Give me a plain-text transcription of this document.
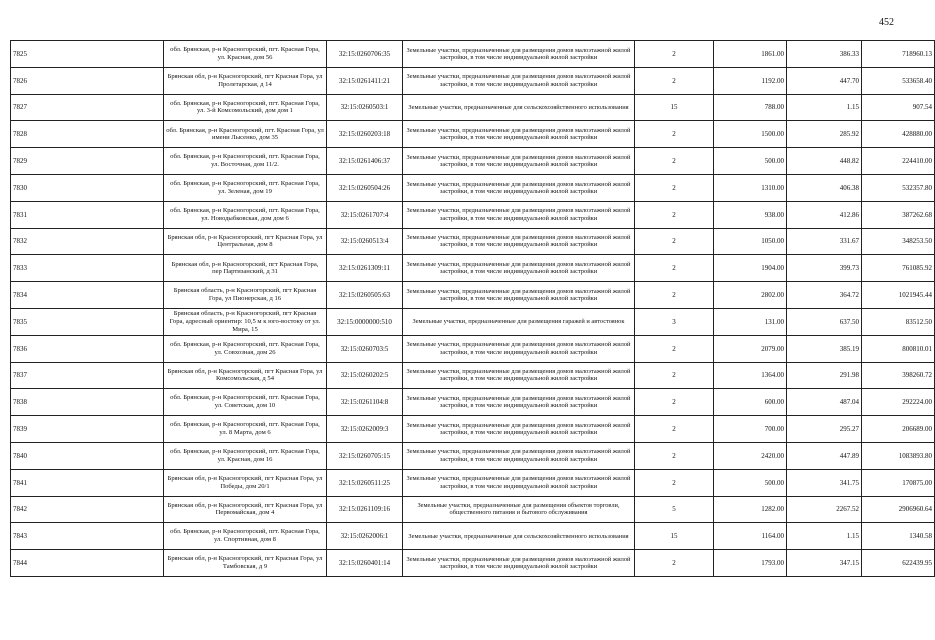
452
7825	обл. Брянская, р-н Красногорский, пгт. Красная Гора, ул. Красная, дом 56	32:15:0260706:35	Земельные участки, предназначенные для размещения домов малоэтажной жилой застройки, в том числе индивидуальной жилой застройки	2	1861.00	386.33	718960.13
7826	Брянская обл, р-н Красногорский, пгт Красная Гора, ул Пролетарская, д 14	32:15:0261411:21	Земельные участки, предназначенные для размещения домов малоэтажной жилой застройки, в том числе индивидуальной жилой застройки	2	1192.00	447.70	533658.40
7827	обл. Брянская, р-н Красногорский, пгт. Красная Гора, ул. 3-й Комсомольский, дом дом 1	32:15:0260503:1	Земельные участки, предназначенные для сельскохозяйственного использования	15	788.00	1.15	907.54
7828	обл. Брянская, р-н Красногорский, пгт. Красная Гора, ул имени Лысенко, дом 35	32:15:0260203:18	Земельные участки, предназначенные для размещения домов малоэтажной жилой застройки, в том числе индивидуальной жилой застройки	2	1500.00	285.92	428880.00
7829	обл. Брянская, р-н Красногорский, пгт. Красная Гора, ул. Восточная, дом 11/2.	32:15:0261406:37	Земельные участки, предназначенные для размещения домов малоэтажной жилой застройки, в том числе индивидуальной жилой застройки	2	500.00	448.82	224410.00
7830	обл. Брянская, р-н Красногорский, пгт. Красная Гора, ул. Зеленая, дом 19	32:15:0260504:26	Земельные участки, предназначенные для размещения домов малоэтажной жилой застройки, в том числе индивидуальной жилой застройки	2	1310.00	406.38	532357.80
7831	обл. Брянская, р-н Красногорский, пгт. Красная Гора, ул. Новодыбковская, дом дом 6	32:15:0261707:4	Земельные участки, предназначенные для размещения домов малоэтажной жилой застройки, в том числе индивидуальной жилой застройки	2	938.00	412.86	387262.68
7832	Брянская обл, р-н Красногорский, пгт Красная Гора, ул Центральная, дом 8	32:15:0260513:4	Земельные участки, предназначенные для размещения домов малоэтажной жилой застройки, в том числе индивидуальной жилой застройки	2	1050.00	331.67	348253.50
7833	Брянская обл, р-н Красногорский, пгт Красная Гора, пер Партизанский, д 31	32:15:0261309:11	Земельные участки, предназначенные для размещения домов малоэтажной жилой застройки, в том числе индивидуальной жилой застройки	2	1904.00	399.73	761085.92
7834	Брянская область, р-н Красногорский, пгт Красная Гора, ул Пионерская, д 16	32:15:0260505:63	Земельные участки, предназначенные для размещения домов малоэтажной жилой застройки, в том числе индивидуальной жилой застройки	2	2802.00	364.72	1021945.44
7835	Брянская область, р-н Красногорский, пгт Красная Гора, адресный ориентир: 10,5 м к юго-востоку от ул. Мира, 15	32:15:0000000:510	Земельные участки, предназначенные для размещения гаражей и автостоянок	3	131.00	637.50	83512.50
7836	обл. Брянская, р-н Красногорский, пгт. Красная Гора, ул. Совхозная, дом 26	32:15:0260703:5	Земельные участки, предназначенные для размещения домов малоэтажной жилой застройки, в том числе индивидуальной жилой застройки	2	2079.00	385.19	800810.01
7837	Брянская обл, р-н Красногорский, пгт Красная Гора, ул Комсомольская, д 54	32:15:0260202:5	Земельные участки, предназначенные для размещения домов малоэтажной жилой застройки, в том числе индивидуальной жилой застройки	2	1364.00	291.98	398260.72
7838	обл. Брянская, р-н Красногорский, пгт. Красная Гора, ул. Советская, дом 10	32:15:0261104:8	Земельные участки, предназначенные для размещения домов малоэтажной жилой застройки, в том числе индивидуальной жилой застройки	2	600.00	487.04	292224.00
7839	обл. Брянская, р-н Красногорский, пгт. Красная Гора, ул. 8 Марта, дом 6	32:15:0262009:3	Земельные участки, предназначенные для размещения домов малоэтажной жилой застройки, в том числе индивидуальной жилой застройки	2	700.00	295.27	206689.00
7840	обл. Брянская, р-н Красногорский, пгт. Красная Гора, ул. Красная, дом 16	32:15:0260705:15	Земельные участки, предназначенные для размещения домов малоэтажной жилой застройки, в том числе индивидуальной жилой застройки	2	2420.00	447.89	1083893.80
7841	Брянская обл, р-н Красногорский, пгт Красная Гора, ул Победы, дом 20/1	32:15:0260511:25	Земельные участки, предназначенные для размещения домов малоэтажной жилой застройки, в том числе индивидуальной жилой застройки	2	500.00	341.75	170875.00
7842	Брянская обл, р-н Красногорский, пгт Красная Гора, ул Первомайская, дом 4	32:15:0261109:16	Земельные участки, предназначенные для размещения объектов торговли, общественного питания и бытового обслуживания	5	1282.00	2267.52	2906960.64
7843	обл. Брянская, р-н Красногорский, пгт. Красная Гора, ул. Спортивная, дом 8	32:15:0262006:1	Земельные участки, предназначенные для сельскохозяйственного использования	15	1164.00	1.15	1340.58
7844	Брянская обл, р-н Красногорский, пгт Красная Гора, ул Тамбовская, д 9	32:15:0260401:14	Земельные участки, предназначенные для размещения домов малоэтажной жилой застройки, в том числе индивидуальной жилой застройки	2	1793.00	347.15	622439.95
